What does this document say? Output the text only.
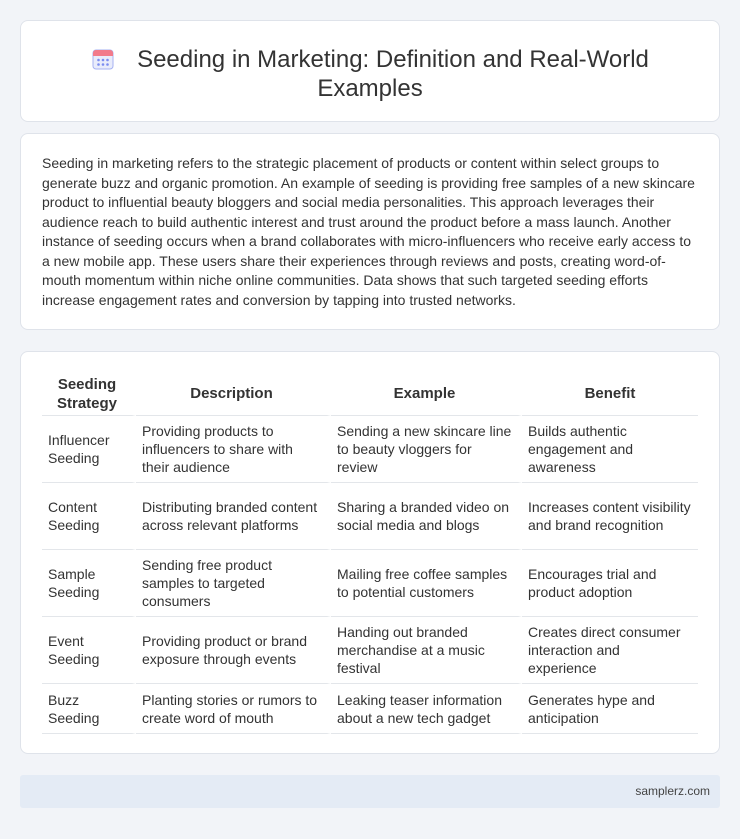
Seeding in Marketing: Definition and Real-World
Examples

Seeding in marketing refers to the strategic placement of products or content within select groups to generate buzz and organic promotion. An example of seeding is providing free samples of a new skincare product to influential beauty bloggers and social media personalities. This approach leverages their audience reach to build authentic interest and trust around the product before a mass launch. Another instance of seeding occurs when a brand collaborates with micro-influencers who receive early access to a new mobile app. These users share their experiences through reviews and posts, creating word-of-mouth momentum within niche online communities. Data shows that such targeted seeding efforts increase engagement rates and conversion by tapping into trusted networks.

Seeding Strategy	Description	Example	Benefit
Influencer Seeding	Providing products to influencers to share with their audience	Sending a new skincare line to beauty vloggers for review	Builds authentic engagement and awareness
Content Seeding	Distributing branded content across relevant platforms	Sharing a branded video on social media and blogs	Increases content visibility and brand recognition
Sample Seeding	Sending free product samples to targeted consumers	Mailing free coffee samples to potential customers	Encourages trial and product adoption
Event Seeding	Providing product or brand exposure through events	Handing out branded merchandise at a music festival	Creates direct consumer interaction and experience
Buzz Seeding	Planting stories or rumors to create word of mouth	Leaking teaser information about a new tech gadget	Generates hype and anticipation
samplerz.com
